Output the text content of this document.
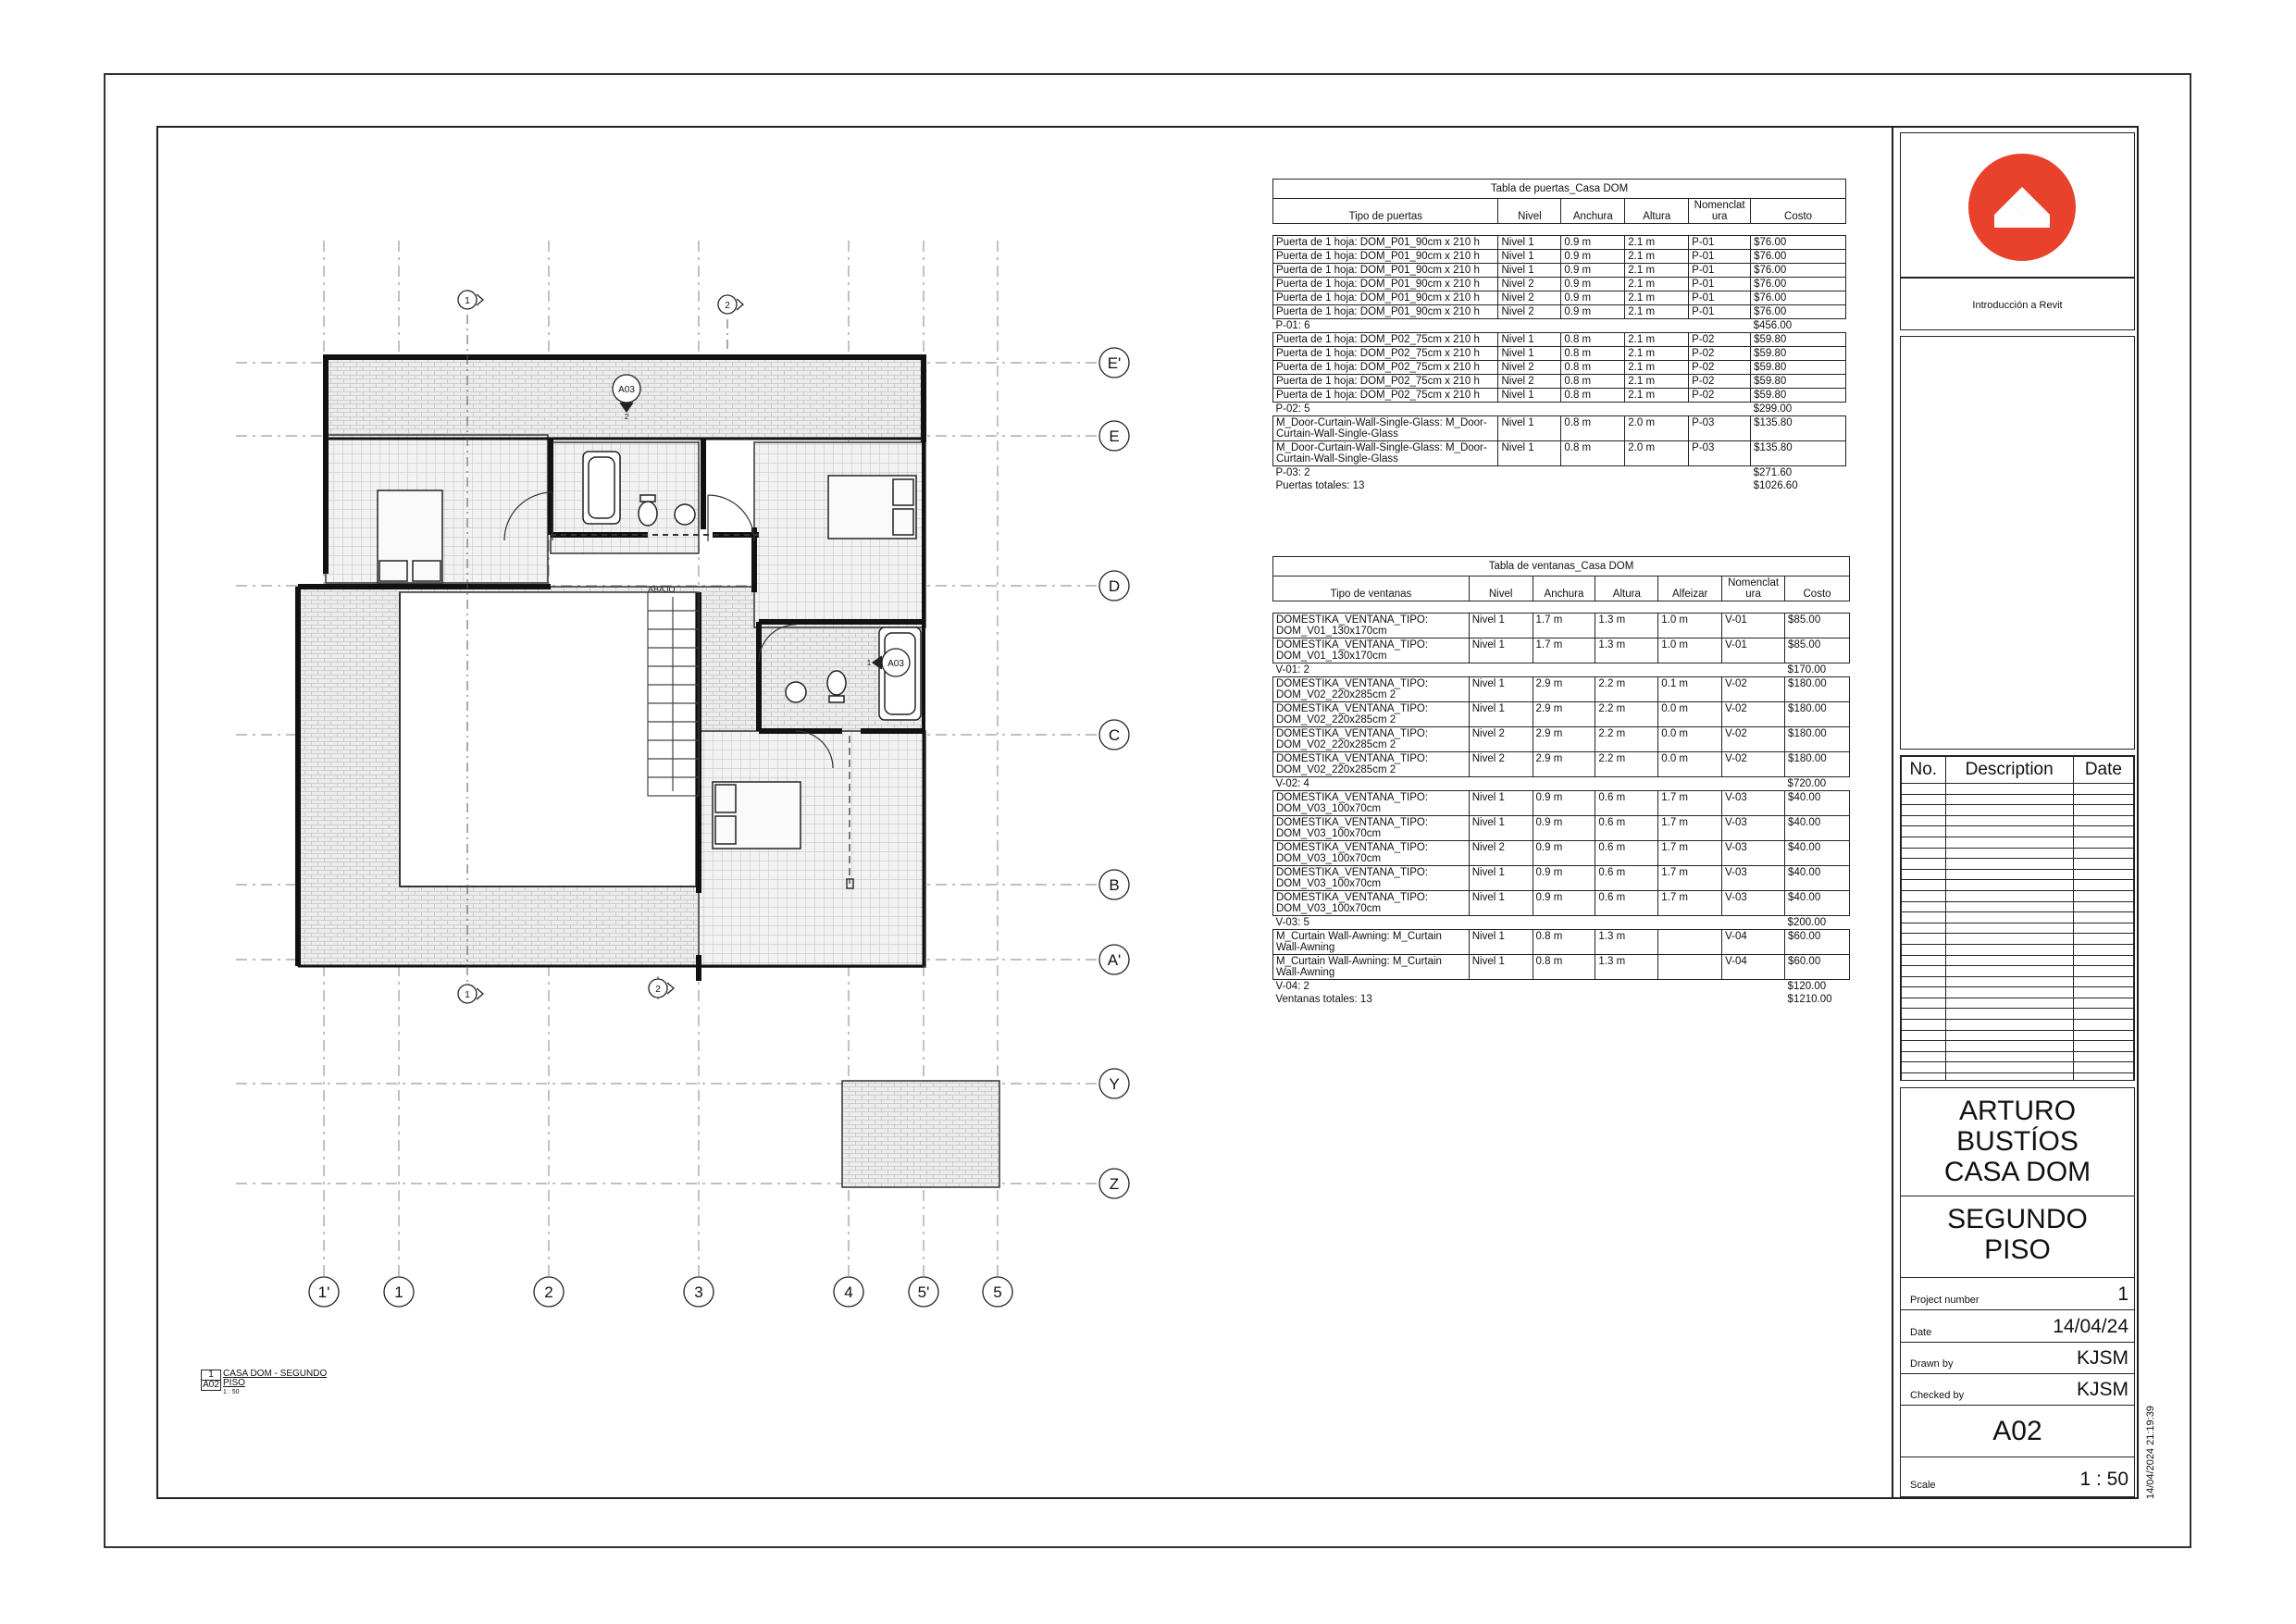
ABAJO
1'	1	2	3	4	5'	5
E'
E
D
C
B
A'
Y
Z
1	2
1
2
A03
A03
2
1
1
A02
CASA DOM - SEGUNDO PISO
1 : 50
Tabla de puertas_Casa DOM					
Tipo de puertas	Nivel	Anchura	Altura	Nomenclat ura	Costo

Puerta de 1 hoja: DOM_P01_90cm x 210 h	Nivel 1	0.9 m	2.1 m	P-01	$76.00
Puerta de 1 hoja: DOM_P01_90cm x 210 h	Nivel 1	0.9 m	2.1 m	P-01	$76.00
Puerta de 1 hoja: DOM_P01_90cm x 210 h	Nivel 1	0.9 m	2.1 m	P-01	$76.00
Puerta de 1 hoja: DOM_P01_90cm x 210 h	Nivel 2	0.9 m	2.1 m	P-01	$76.00
Puerta de 1 hoja: DOM_P01_90cm x 210 h	Nivel 2	0.9 m	2.1 m	P-01	$76.00
Puerta de 1 hoja: DOM_P01_90cm x 210 h	Nivel 2	0.9 m	2.1 m	P-01	$76.00
P-01: 6					$456.00
Puerta de 1 hoja: DOM_P02_75cm x 210 h	Nivel 1	0.8 m	2.1 m	P-02	$59.80
Puerta de 1 hoja: DOM_P02_75cm x 210 h	Nivel 1	0.8 m	2.1 m	P-02	$59.80
Puerta de 1 hoja: DOM_P02_75cm x 210 h	Nivel 2	0.8 m	2.1 m	P-02	$59.80
Puerta de 1 hoja: DOM_P02_75cm x 210 h	Nivel 2	0.8 m	2.1 m	P-02	$59.80
Puerta de 1 hoja: DOM_P02_75cm x 210 h	Nivel 1	0.8 m	2.1 m	P-02	$59.80
P-02: 5					$299.00
M_Door-Curtain-Wall-Single-Glass: M_Door-Curtain-Wall-Single-Glass	Nivel 1	0.8 m	2.0 m	P-03	$135.80
M_Door-Curtain-Wall-Single-Glass: M_Door-Curtain-Wall-Single-Glass	Nivel 1	0.8 m	2.0 m	P-03	$135.80
P-03: 2					$271.60
Puertas totales: 13					$1026.60
Tabla de ventanas_Casa DOM						
Tipo de ventanas	Nivel	Anchura	Altura	Alfeizar	Nomenclat ura	Costo

DOMESTIKA_VENTANA_TIPO: DOM_V01_130x170cm	Nivel 1	1.7 m	1.3 m	1.0 m	V-01	$85.00
DOMESTIKA_VENTANA_TIPO: DOM_V01_130x170cm	Nivel 1	1.7 m	1.3 m	1.0 m	V-01	$85.00
V-01: 2						$170.00
DOMESTIKA_VENTANA_TIPO: DOM_V02_220x285cm 2	Nivel 1	2.9 m	2.2 m	0.1 m	V-02	$180.00
DOMESTIKA_VENTANA_TIPO: DOM_V02_220x285cm 2	Nivel 1	2.9 m	2.2 m	0.0 m	V-02	$180.00
DOMESTIKA_VENTANA_TIPO: DOM_V02_220x285cm 2	Nivel 2	2.9 m	2.2 m	0.0 m	V-02	$180.00
DOMESTIKA_VENTANA_TIPO: DOM_V02_220x285cm 2	Nivel 2	2.9 m	2.2 m	0.0 m	V-02	$180.00
V-02: 4						$720.00
DOMESTIKA_VENTANA_TIPO: DOM_V03_100x70cm	Nivel 1	0.9 m	0.6 m	1.7 m	V-03	$40.00
DOMESTIKA_VENTANA_TIPO: DOM_V03_100x70cm	Nivel 1	0.9 m	0.6 m	1.7 m	V-03	$40.00
DOMESTIKA_VENTANA_TIPO: DOM_V03_100x70cm	Nivel 2	0.9 m	0.6 m	1.7 m	V-03	$40.00
DOMESTIKA_VENTANA_TIPO: DOM_V03_100x70cm	Nivel 1	0.9 m	0.6 m	1.7 m	V-03	$40.00
DOMESTIKA_VENTANA_TIPO: DOM_V03_100x70cm	Nivel 1	0.9 m	0.6 m	1.7 m	V-03	$40.00
V-03: 5						$200.00
M_Curtain Wall-Awning: M_Curtain Wall-Awning	Nivel 1	0.8 m	1.3 m		V-04	$60.00
M_Curtain Wall-Awning: M_Curtain Wall-Awning	Nivel 1	0.8 m	1.3 m		V-04	$60.00
V-04: 2						$120.00
Ventanas totales: 13						$1210.00
Introducción a Revit
No.	Description	Date

ARTURO
BUSTÍOS
CASA DOM
SEGUNDO
PISO
Project number	1
Date	14/04/24
Drawn by	KJSM
Checked by	KJSM
A02
Scale	1 : 50 14/04/2024 21:19:39
